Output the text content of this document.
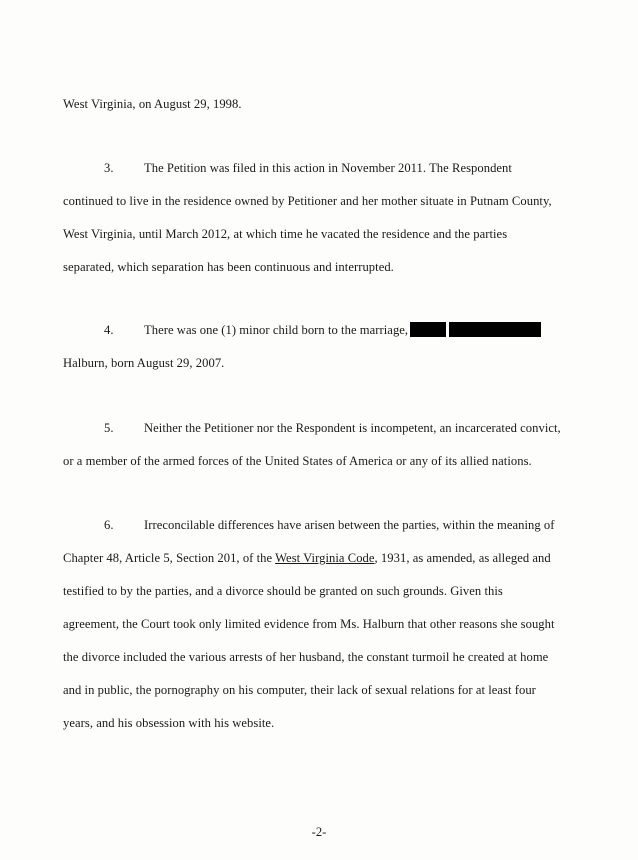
West Virginia, on August 29, 1998.
3. The Petition was filed in this action in November 2011. The Respondent
continued to live in the residence owned by Petitioner and her mother situate in Putnam County,
West Virginia, until March 2012, at which time he vacated the residence and the parties
separated, which separation has been continuous and interrupted.
4. There was one (1) minor child born to the marriage,
Halburn, born August 29, 2007.
5. Neither the Petitioner nor the Respondent is incompetent, an incarcerated convict,
or a member of the armed forces of the United States of America or any of its allied nations.
6. Irreconcilable differences have arisen between the parties, within the meaning of
Chapter 48, Article 5, Section 201, of the West Virginia Code, 1931, as amended, as alleged and
testified to by the parties, and a divorce should be granted on such grounds. Given this
agreement, the Court took only limited evidence from Ms. Halburn that other reasons she sought
the divorce included the various arrests of her husband, the constant turmoil he created at home
and in public, the pornography on his computer, their lack of sexual relations for at least four
years, and his obsession with his website.
-2-
